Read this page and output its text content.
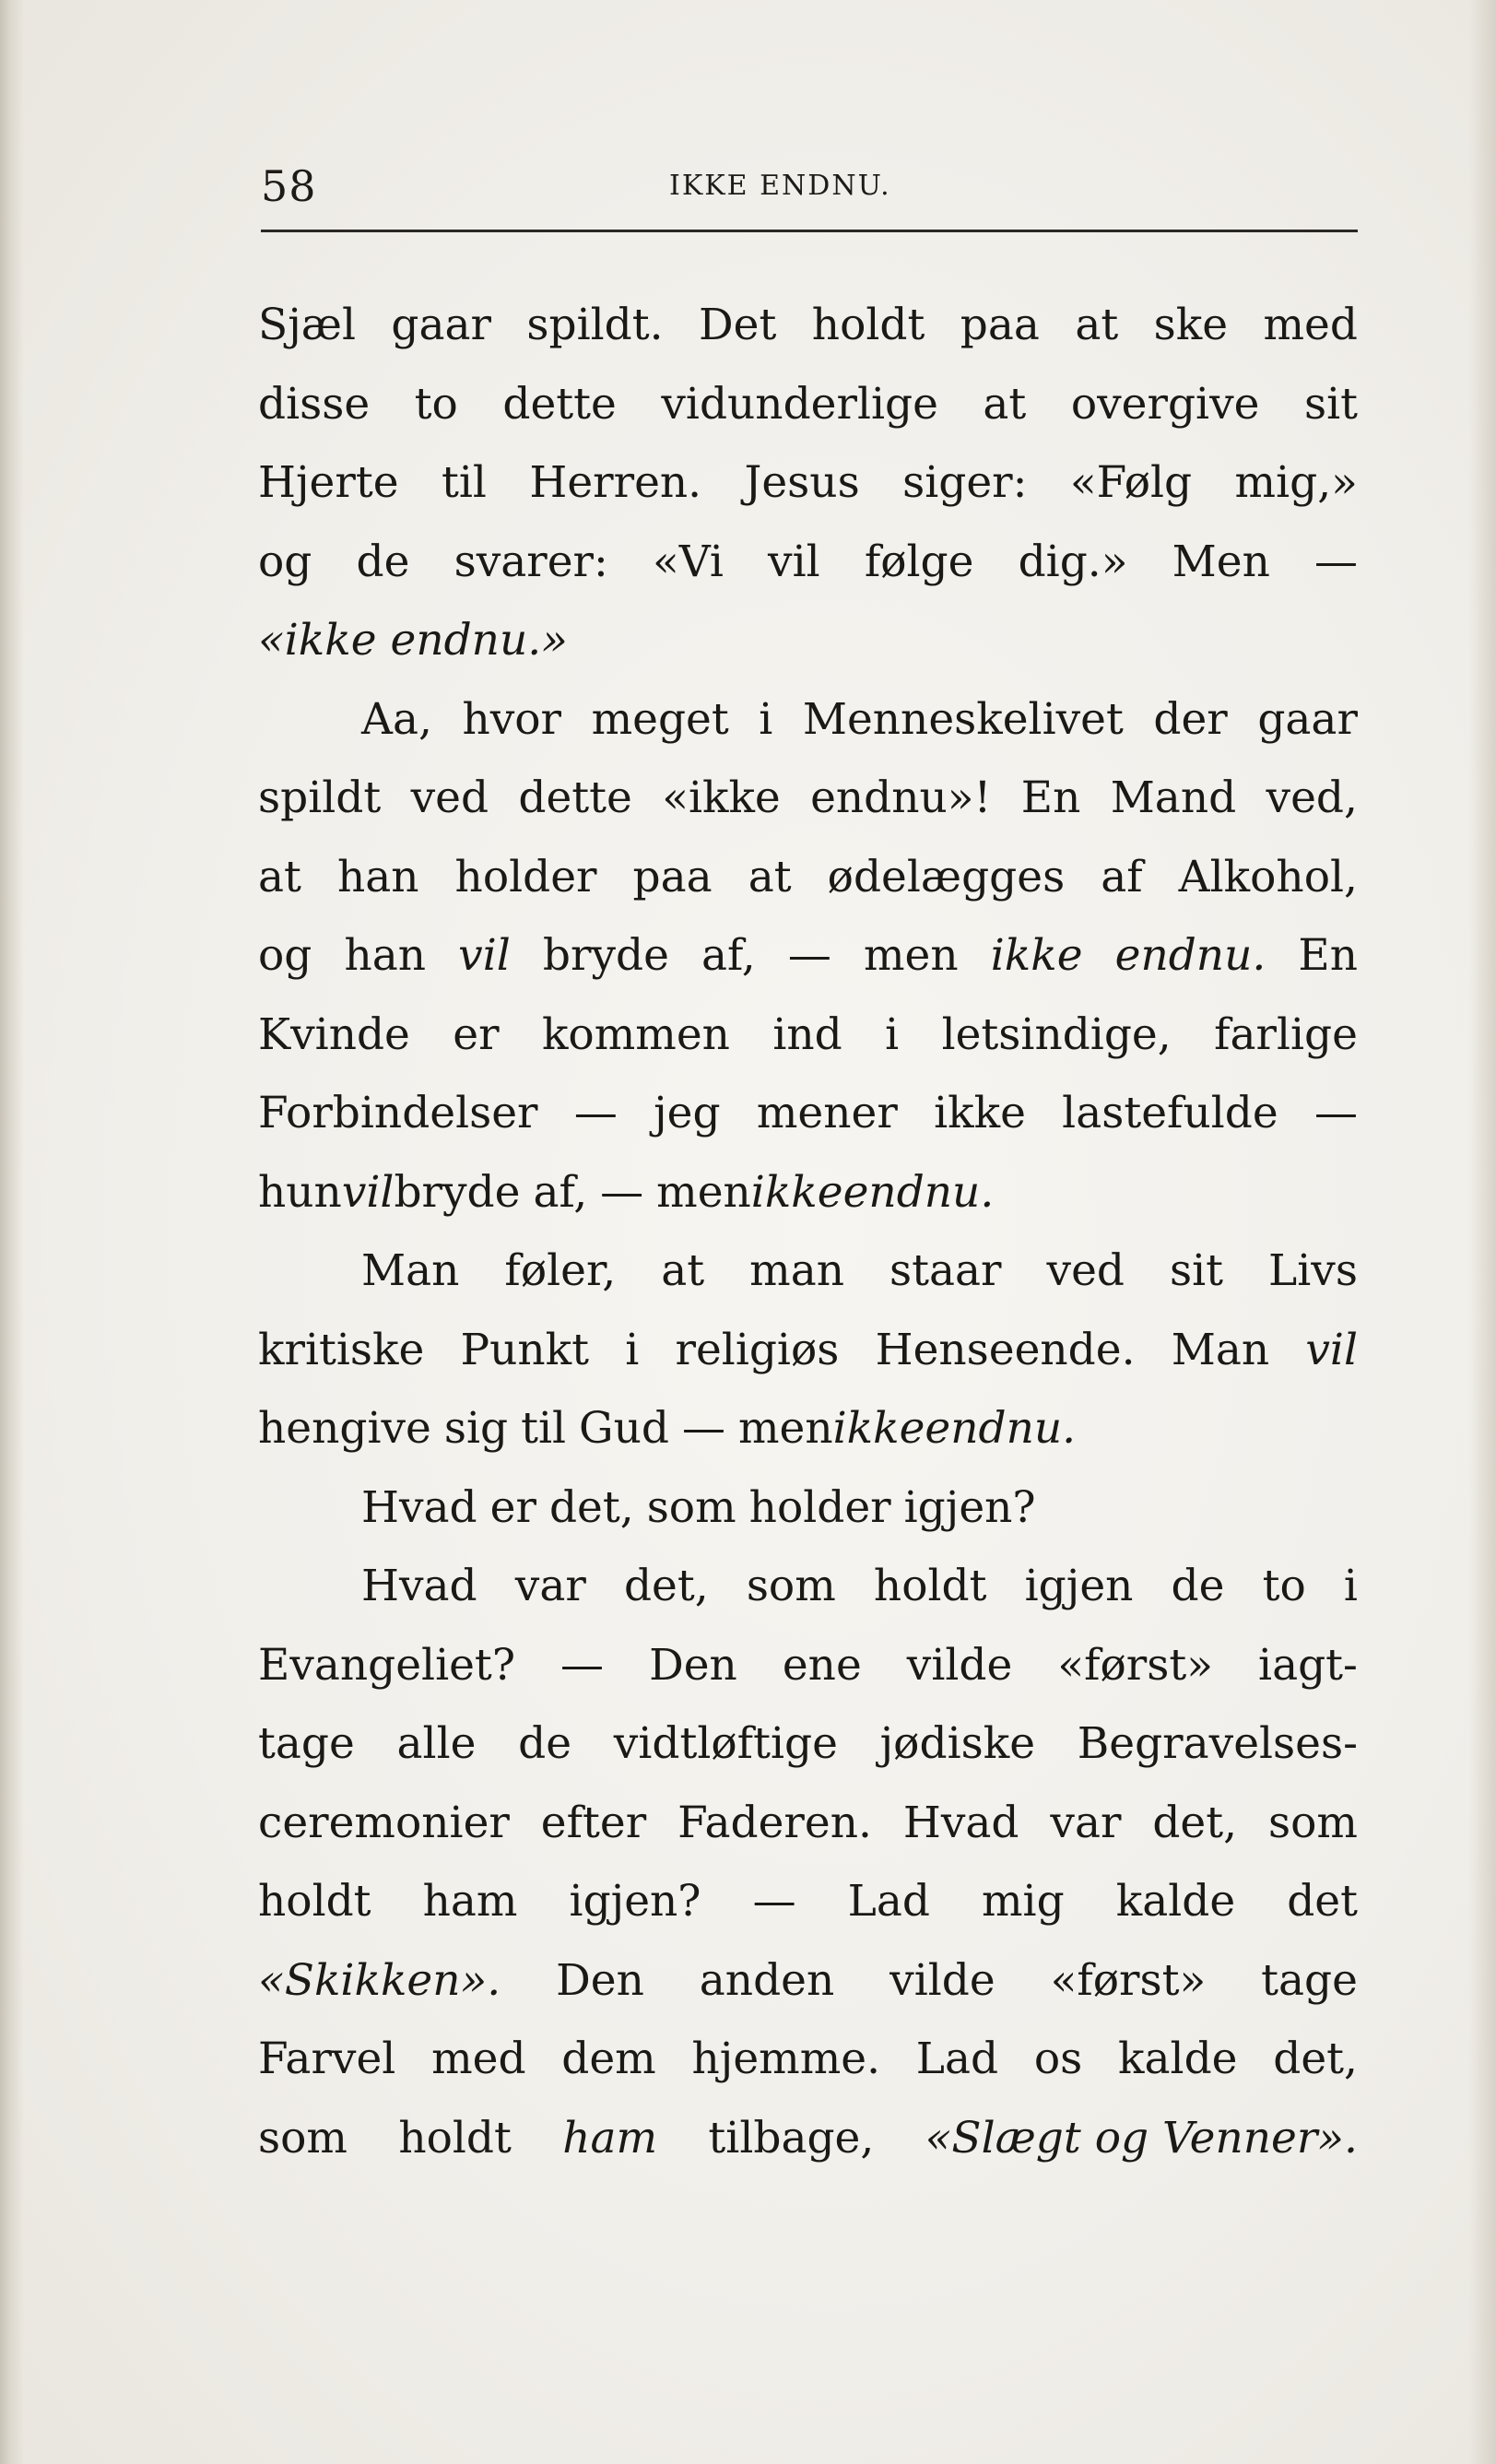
58	IKKE ENDNU.
Sjæl gaar spildt. Det holdt paa at ske med
disse to dette vidunderlige at overgive sit
Hjerte til Herren. Jesus siger: «Følg mig,»
og de svarer: «Vi vil følge dig.» Men —
«ikke endnu.»
Aa, hvor meget i Menneskelivet der gaar
spildt ved dette «ikke endnu»! En Mand ved,
at han holder paa at ødelægges af Alkohol,
og han vil bryde af, — men ikke endnu. En
Kvinde er kommen ind i letsindige, farlige
Forbindelser — jeg mener ikke lastefulde —
hun vil bryde af, — men ikke endnu.
Man føler, at man staar ved sit Livs
kritiske Punkt i religiøs Henseende. Man vil
hengive sig til Gud — men ikke endnu.
Hvad er det, som holder igjen?
Hvad var det, som holdt igjen de to i
Evangeliet? — Den ene vilde «først» iagt-
tage alle de vidtløftige jødiske Begravelses-
ceremonier efter Faderen. Hvad var det, som
holdt ham igjen? — Lad mig kalde det
«Skikken». Den anden vilde «først» tage
Farvel med dem hjemme. Lad os kalde det,
som holdt ham tilbage, «Slægt og Venner».
